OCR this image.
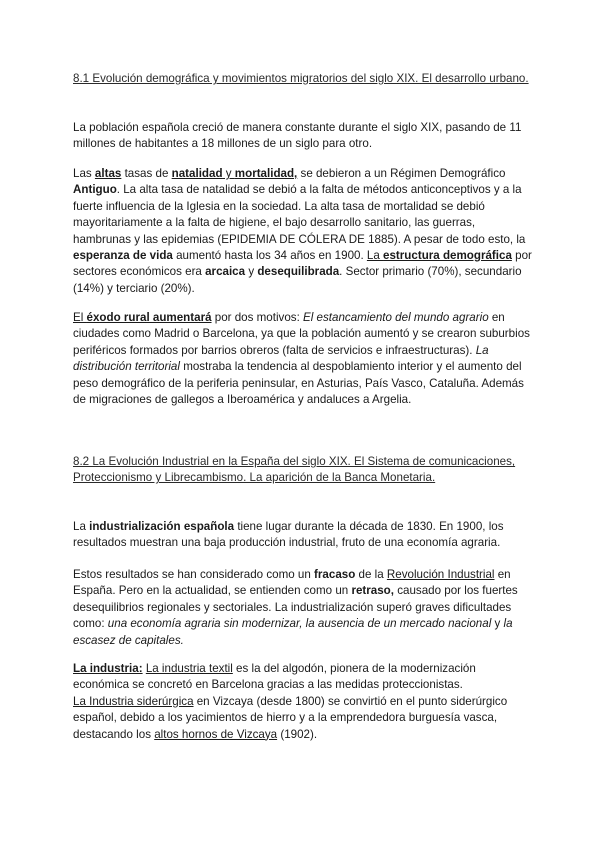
8.1 Evolución demográfica y movimientos migratorios del siglo XIX. El desarrollo urbano.

La población española creció de manera constante durante el siglo XIX, pasando de 11 millones de habitantes a 18 millones de un siglo para otro.

Las altas tasas de natalidad y mortalidad, se debieron a un Régimen Demográfico Antiguo. La alta tasa de natalidad se debió a la falta de métodos anticonceptivos y a la fuerte influencia de la Iglesia en la sociedad. La alta tasa de mortalidad se debió mayoritariamente a la falta de higiene, el bajo desarrollo sanitario, las guerras, hambrunas y las epidemias (EPIDEMIA DE CÓLERA DE 1885). A pesar de todo esto, la esperanza de vida aumentó hasta los 34 años en 1900. La estructura demográfica por sectores económicos era arcaica y desequilibrada. Sector primario (70%), secundario (14%) y terciario (20%).

El éxodo rural aumentará por dos motivos: El estancamiento del mundo agrario en ciudades como Madrid o Barcelona, ya que la población aumentó y se crearon suburbios periféricos formados por barrios obreros (falta de servicios e infraestructuras). La distribución territorial mostraba la tendencia al despoblamiento interior y el aumento del peso demográfico de la periferia peninsular, en Asturias, País Vasco, Cataluña. Además de migraciones de gallegos a Iberoamérica y andaluces a Argelia.

8.2 La Evolución Industrial en la España del siglo XIX. El Sistema de comunicaciones, Proteccionismo y Librecambismo. La aparición de la Banca Monetaria.

La industrialización española tiene lugar durante la década de 1830. En 1900, los resultados muestran una baja producción industrial, fruto de una economía agraria.

Estos resultados se han considerado como un fracaso de la Revolución Industrial en España. Pero en la actualidad, se entienden como un retraso, causado por los fuertes desequilibrios regionales y sectoriales. La industrialización superó graves dificultades como: una economía agraria sin modernizar, la ausencia de un mercado nacional y la escasez de capitales.

La industria: La industria textil es la del algodón, pionera de la modernización económica se concretó en Barcelona gracias a las medidas proteccionistas.
La Industria siderúrgica en Vizcaya (desde 1800) se convirtió en el punto siderúrgico español, debido a los yacimientos de hierro y a la emprendedora burguesía vasca, destacando los altos hornos de Vizcaya (1902).
